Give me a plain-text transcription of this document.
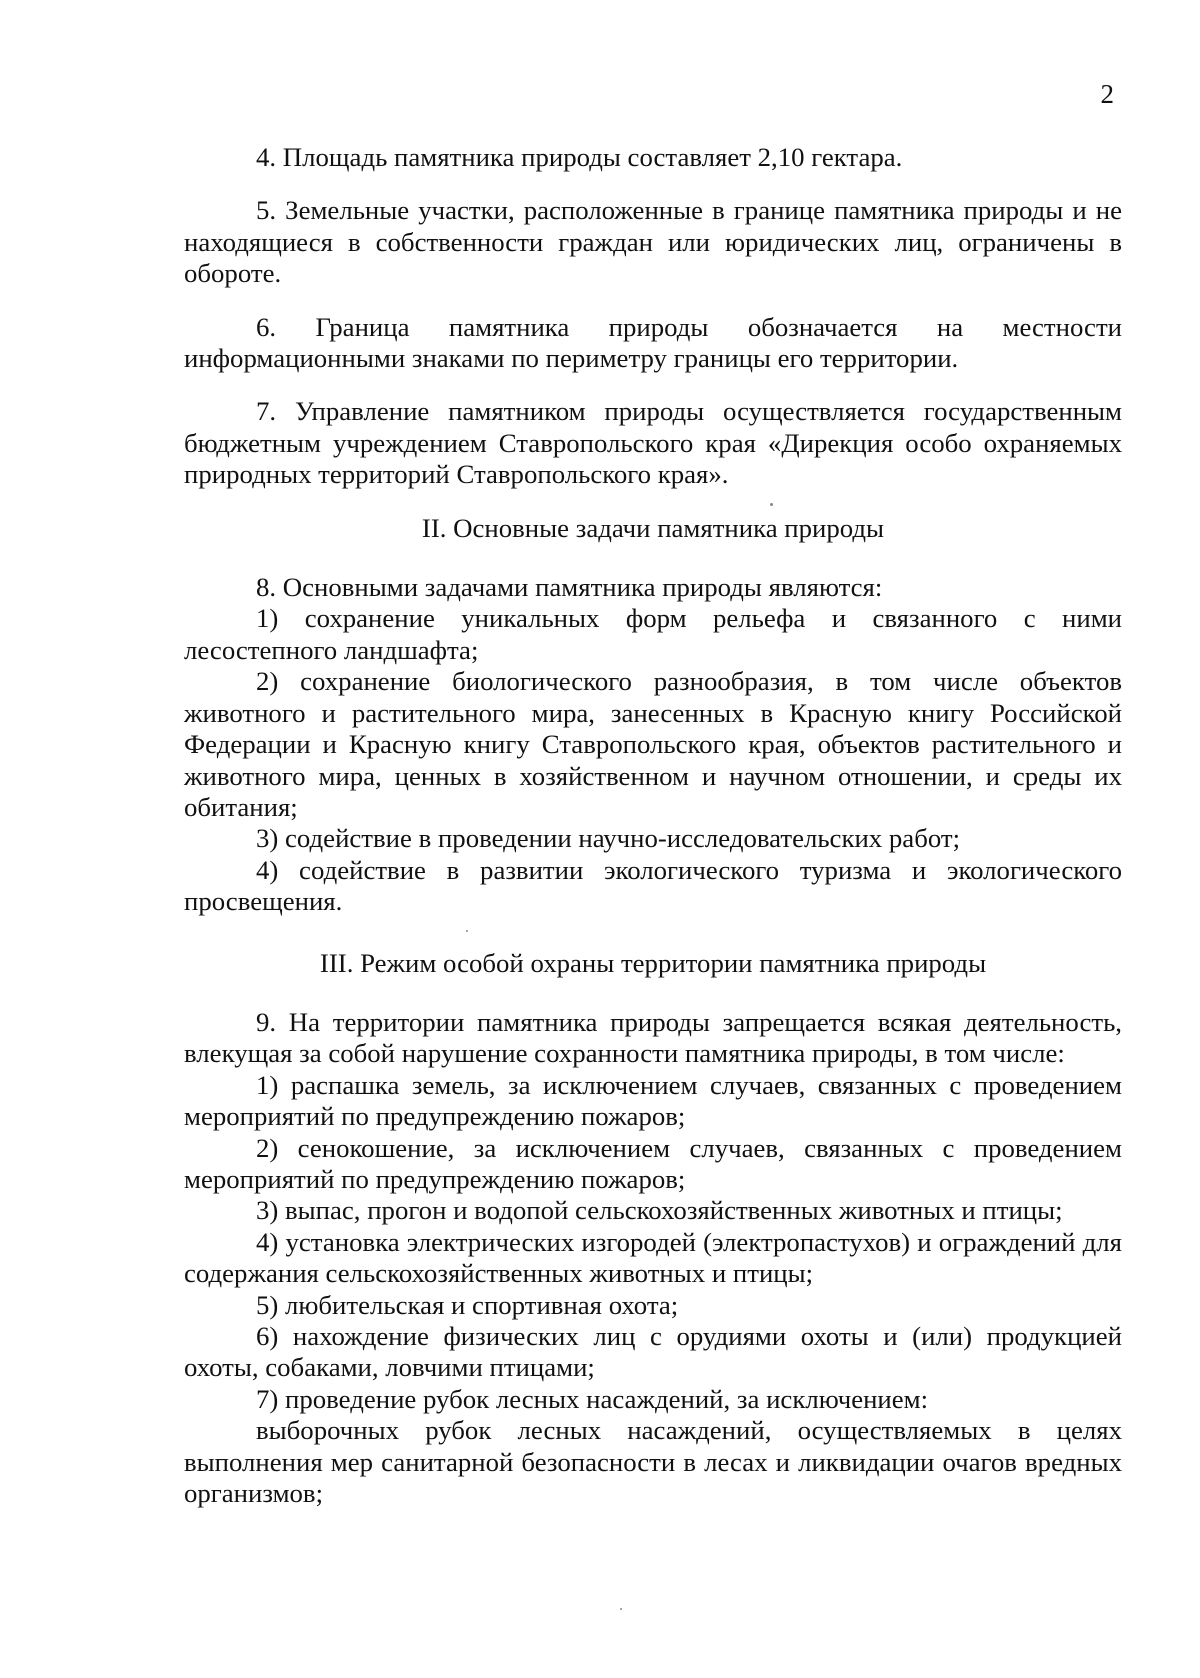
2

4. Площадь памятника природы составляет 2,10 гектара.

5. Земельные участки, расположенные в границе памятника природы и не находящиеся в собственности граждан или юридических лиц, ограничены в обороте.

6. Граница памятника природы обозначается на местности информационными знаками по периметру границы его территории.

7. Управление памятником природы осуществляется государственным бюджетным учреждением Ставропольского края «Дирекция особо охраняемых природных территорий Ставропольского края».

II. Основные задачи памятника природы

8. Основными задачами памятника природы являются:

1) сохранение уникальных форм рельефа и связанного с ними лесостепного ландшафта;

2) сохранение биологического разнообразия, в том числе объектов животного и растительного мира, занесенных в Красную книгу Российской Федерации и Красную книгу Ставропольского края, объектов растительного и животного мира, ценных в хозяйственном и научном отношении, и среды их обитания;

3) содействие в проведении научно-исследовательских работ;

4) содействие в развитии экологического туризма и экологического просвещения.

III. Режим особой охраны территории памятника природы

9. На территории памятника природы запрещается всякая деятельность, влекущая за собой нарушение сохранности памятника природы, в том числе:

1) распашка земель, за исключением случаев, связанных с проведением мероприятий по предупреждению пожаров;

2) сенокошение, за исключением случаев, связанных с проведением мероприятий по предупреждению пожаров;

3) выпас, прогон и водопой сельскохозяйственных животных и птицы;

4) установка электрических изгородей (электропастухов) и ограждений для содержания сельскохозяйственных животных и птицы;

5) любительская и спортивная охота;

6) нахождение физических лиц с орудиями охоты и (или) продукцией охоты, собаками, ловчими птицами;

7) проведение рубок лесных насаждений, за исключением:

выборочных рубок лесных насаждений, осуществляемых в целях выполнения мер санитарной безопасности в лесах и ликвидации очагов вредных организмов;
